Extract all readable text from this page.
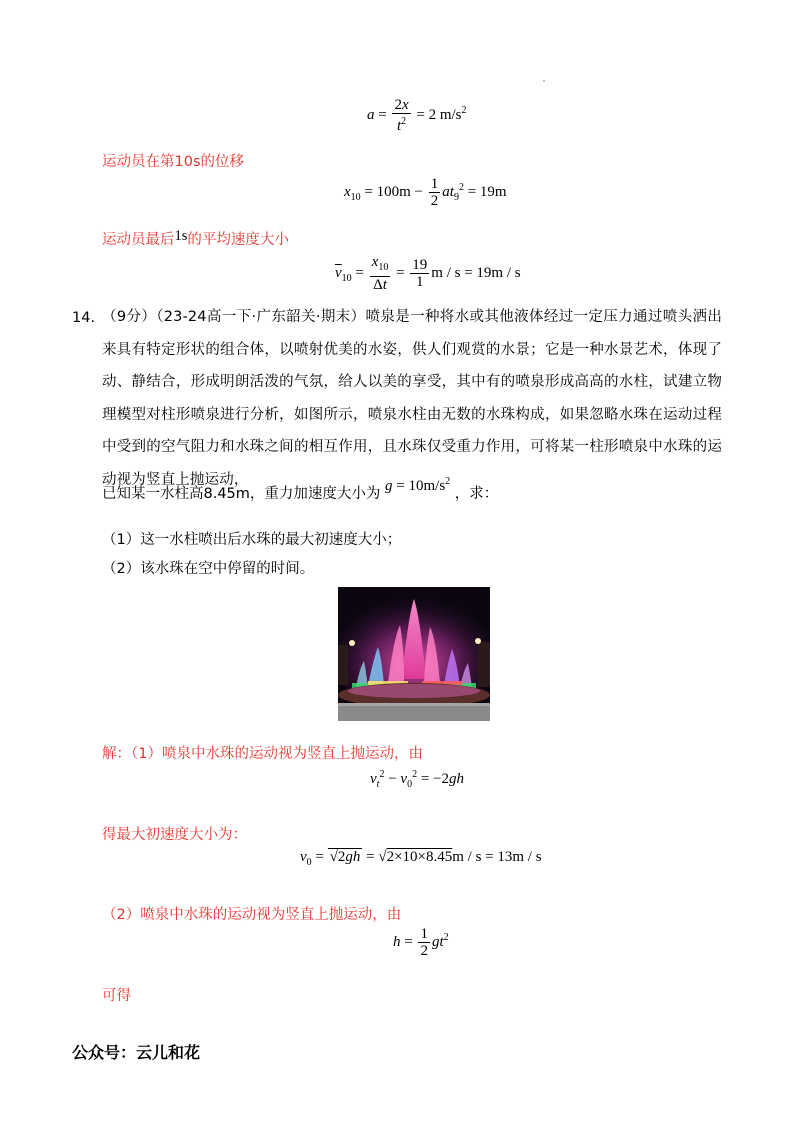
$a = \frac{2x}{t^2} = 2$ $m/s^2$
运动员在第10s的位移
$x_{10} = 100m - \frac{1}{2} at_9^2 = 19m$
运动员最后1s的平均速度大小
$\overline{v}_{10} = \frac{x_{10}}{\Delta t} = \frac{19}{1}$ m / s = 19m / s
14. （9分）（23-24高一下·广东韶关·期末）喷泉是一种将水或其他液体经过一定压力通过喷头洒出来具有特定形状的组合体，以喷射优美的水姿，供人们观赏的水景；它是一种水景艺术，体现了动、静结合，形成明朗活泼的气氛，给人以美的享受，其中有的喷泉形成高高的水柱，试建立物理模型对柱形喷泉进行分析，如图所示，喷泉水柱由无数的水珠构成，如果忽略水珠在运动过程中受到的空气阻力和水珠之间的相互作用，且水珠仅受重力作用，可将某一柱形喷泉中水珠的运动视为竖直上抛运动，
已知某一水柱高8.45m，重力加速度大小为 $g = 10m/s^2$ ，求：
（1）这一水柱喷出后水珠的最大初速度大小；
（2）该水珠在空中停留的时间。
解：（1）喷泉中水珠的运动视为竖直上抛运动，由
$v_t^2 - v_0^2 = -2gh$
得最大初速度大小为：
$v_0 = √2gh = √2\times 10\times 8.45m / s = 13m / s$
（2）喷泉中水珠的运动视为竖直上抛运动，由
$h = \frac{1}{2} gt^2$
可得
公众号：云儿和花
